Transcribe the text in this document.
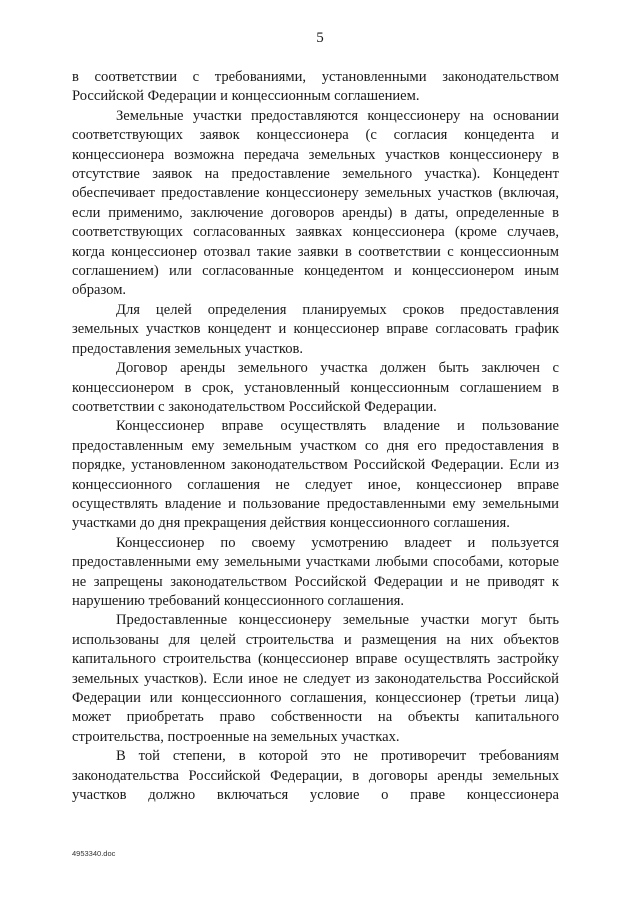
5

в соответствии с требованиями, установленными законодательством Российской Федерации и концессионным соглашением.

Земельные участки предоставляются концессионеру на основании соответствующих заявок концессионера (с согласия концедента и концессионера возможна передача земельных участков концессионеру в отсутствие заявок на предоставление земельного участка). Концедент обеспечивает предоставление концессионеру земельных участков (включая, если применимо, заключение договоров аренды) в даты, определенные в соответствующих согласованных заявках концессионера (кроме случаев, когда концессионер отозвал такие заявки в соответствии с концессионным соглашением) или согласованные концедентом и концессионером иным образом.

Для целей определения планируемых сроков предоставления земельных участков концедент и концессионер вправе согласовать график предоставления земельных участков.

Договор аренды земельного участка должен быть заключен с концессионером в срок, установленный концессионным соглашением в соответствии с законодательством Российской Федерации.

Концессионер вправе осуществлять владение и пользование предоставленным ему земельным участком со дня его предоставления в порядке, установленном законодательством Российской Федерации. Если из концессионного соглашения не следует иное, концессионер вправе осуществлять владение и пользование предоставленными ему земельными участками до дня прекращения действия концессионного соглашения.

Концессионер по своему усмотрению владеет и пользуется предоставленными ему земельными участками любыми способами, которые не запрещены законодательством Российской Федерации и не приводят к нарушению требований концессионного соглашения.

Предоставленные концессионеру земельные участки могут быть использованы для целей строительства и размещения на них объектов капитального строительства (концессионер вправе осуществлять застройку земельных участков). Если иное не следует из законодательства Российской Федерации или концессионного соглашения, концессионер (третьи лица) может приобретать право собственности на объекты капитального строительства, построенные на земельных участках.

В той степени, в которой это не противоречит требованиям законодательства Российской Федерации, в договоры аренды земельных участков должно включаться условие о праве концессионера

4953340.doc
